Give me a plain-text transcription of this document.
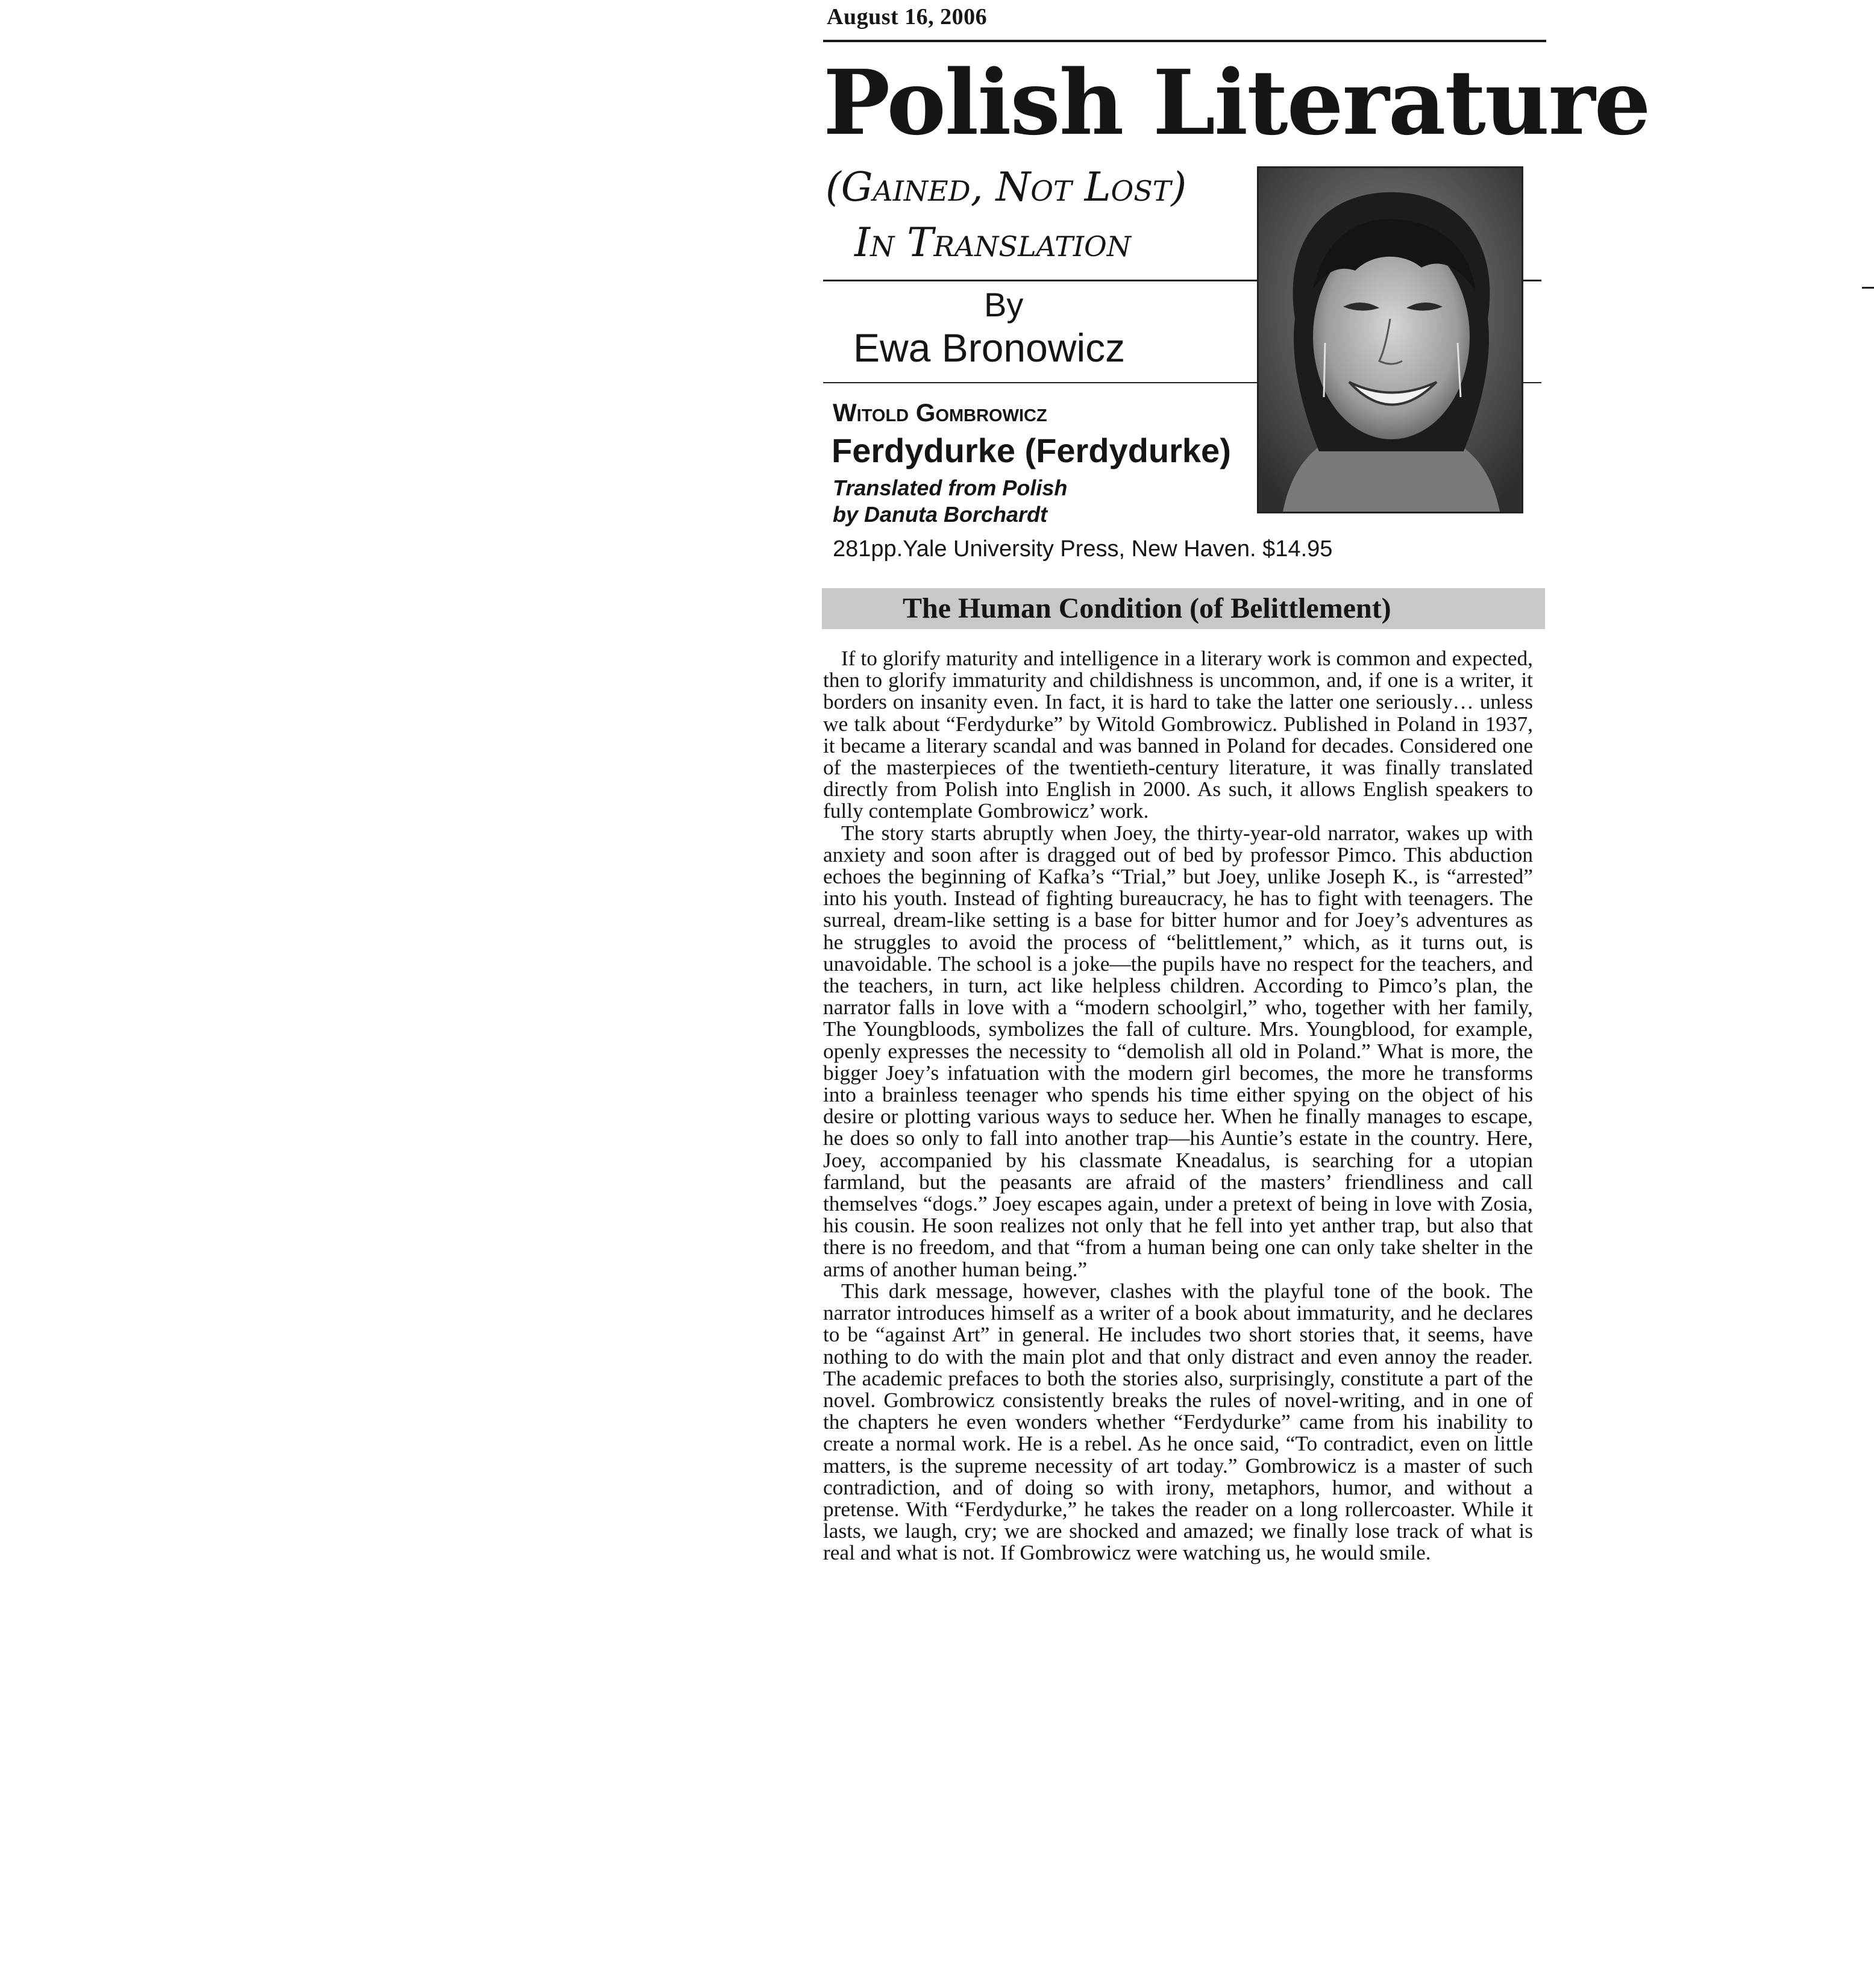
August 16, 2006
Polish Literature
(Gained, Not Lost)
In Translation
By
Ewa Bronowicz
Witold Gombrowicz
Ferdydurke (Ferdydurke)
Translated from Polish
by Danuta Borchardt
281pp.Yale University Press, New Haven. $14.95
The Human Condition (of Belittlement)

If to glorify maturity and intelligence in a literary work is common and expected, then to glorify immaturity and childishness is uncommon, and, if one is a writer, it borders on insanity even. In fact, it is hard to take the latter one seriously… unless we talk about “Ferdydurke” by Witold Gombrowicz. Published in Poland in 1937, it became a literary scandal and was banned in Poland for decades. Considered one of the masterpieces of the twentieth-century literature, it was finally translated directly from Polish into English in 2000. As such, it allows English speakers to fully contemplate Gombrowicz’ work.

The story starts abruptly when Joey, the thirty-year-old narrator, wakes up with anxiety and soon after is dragged out of bed by professor Pimco. This abduction echoes the beginning of Kafka’s “Trial,” but Joey, unlike Joseph K., is “arrested” into his youth. Instead of fighting bureaucracy, he has to fight with teenagers. The surreal, dream-like setting is a base for bitter humor and for Joey’s adventures as he struggles to avoid the process of “belittlement,” which, as it turns out, is unavoidable. The school is a joke—the pupils have no respect for the teachers, and the teachers, in turn, act like helpless children. According to Pimco’s plan, the narrator falls in love with a “modern schoolgirl,” who, together with her family, The Youngbloods, symbolizes the fall of culture. Mrs. Youngblood, for example, openly expresses the necessity to “demolish all old in Poland.” What is more, the bigger Joey’s infatuation with the modern girl becomes, the more he transforms into a brainless teenager who spends his time either spying on the object of his desire or plotting various ways to seduce her. When he finally manages to escape, he does so only to fall into another trap—his Auntie’s estate in the country. Here, Joey, accompanied by his classmate Kneadalus, is searching for a utopian farmland, but the peasants are afraid of the masters’ friendliness and call themselves “dogs.” Joey escapes again, under a pretext of being in love with Zosia, his cousin. He soon realizes not only that he fell into yet anther trap, but also that there is no freedom, and that “from a human being one can only take shelter in the arms of another human being.”

This dark message, however, clashes with the playful tone of the book. The narrator introduces himself as a writer of a book about immaturity, and he declares to be “against Art” in general. He includes two short stories that, it seems, have nothing to do with the main plot and that only distract and even annoy the reader. The academic prefaces to both the stories also, surprisingly, constitute a part of the novel. Gombrowicz consistently breaks the rules of novel-writing, and in one of the chapters he even wonders whether “Ferdydurke” came from his inability to create a normal work. He is a rebel. As he once said, “To contradict, even on little matters, is the supreme necessity of art today.” Gombrowicz is a master of such contradiction, and of doing so with irony, metaphors, humor, and without a pretense. With “Ferdydurke,” he takes the reader on a long rollercoaster. While it lasts, we laugh, cry; we are shocked and amazed; we finally lose track of what is real and what is not. If Gombrowicz were watching us, he would smile.
